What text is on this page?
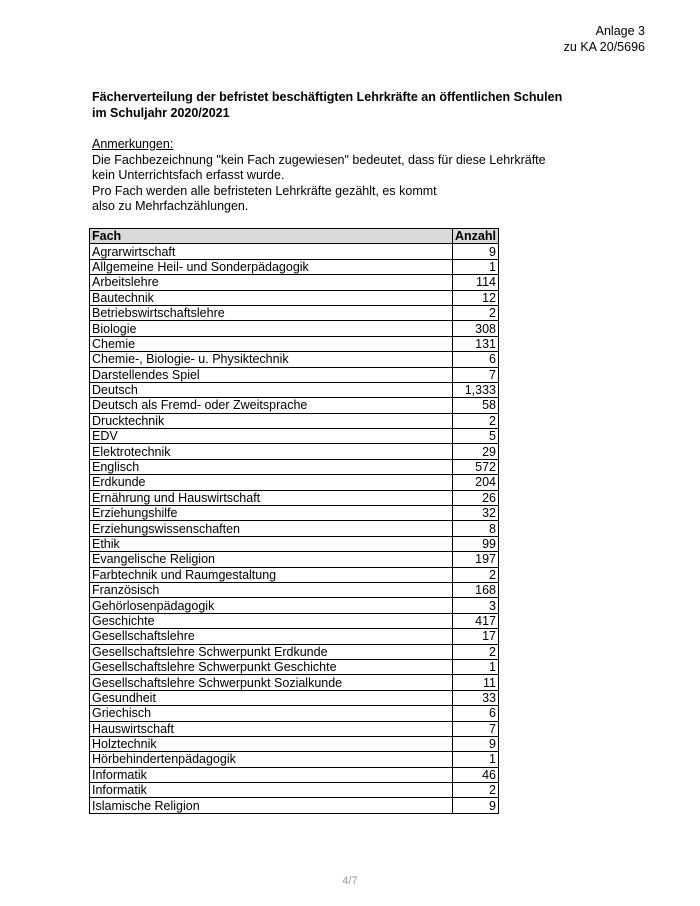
Anlage 3
zu KA 20/5696
Fächerverteilung der befristet beschäftigten Lehrkräfte an öffentlichen Schulen
im Schuljahr 2020/2021
Anmerkungen:
Die Fachbezeichnung "kein Fach zugewiesen" bedeutet, dass für diese Lehrkräfte
kein Unterrichtsfach erfasst wurde.
Pro Fach werden alle befristeten Lehrkräfte gezählt, es kommt
also zu Mehrfachzählungen.
Fach	Anzahl
Agrarwirtschaft	9
Allgemeine Heil- und Sonderpädagogik	1
Arbeitslehre	114
Bautechnik	12
Betriebswirtschaftslehre	2
Biologie	308
Chemie	131
Chemie-, Biologie- u. Physiktechnik	6
Darstellendes Spiel	7
Deutsch	1,333
Deutsch als Fremd- oder Zweitsprache	58
Drucktechnik	2
EDV	5
Elektrotechnik	29
Englisch	572
Erdkunde	204
Ernährung und Hauswirtschaft	26
Erziehungshilfe	32
Erziehungswissenschaften	8
Ethik	99
Evangelische Religion	197
Farbtechnik und Raumgestaltung	2
Französisch	168
Gehörlosenpädagogik	3
Geschichte	417
Gesellschaftslehre	17
Gesellschaftslehre Schwerpunkt Erdkunde	2
Gesellschaftslehre Schwerpunkt Geschichte	1
Gesellschaftslehre Schwerpunkt Sozialkunde	11
Gesundheit	33
Griechisch	6
Hauswirtschaft	7
Holztechnik	9
Hörbehindertenpädagogik	1
Informatik	46
Informatik	2
Islamische Religion	9
4/7
